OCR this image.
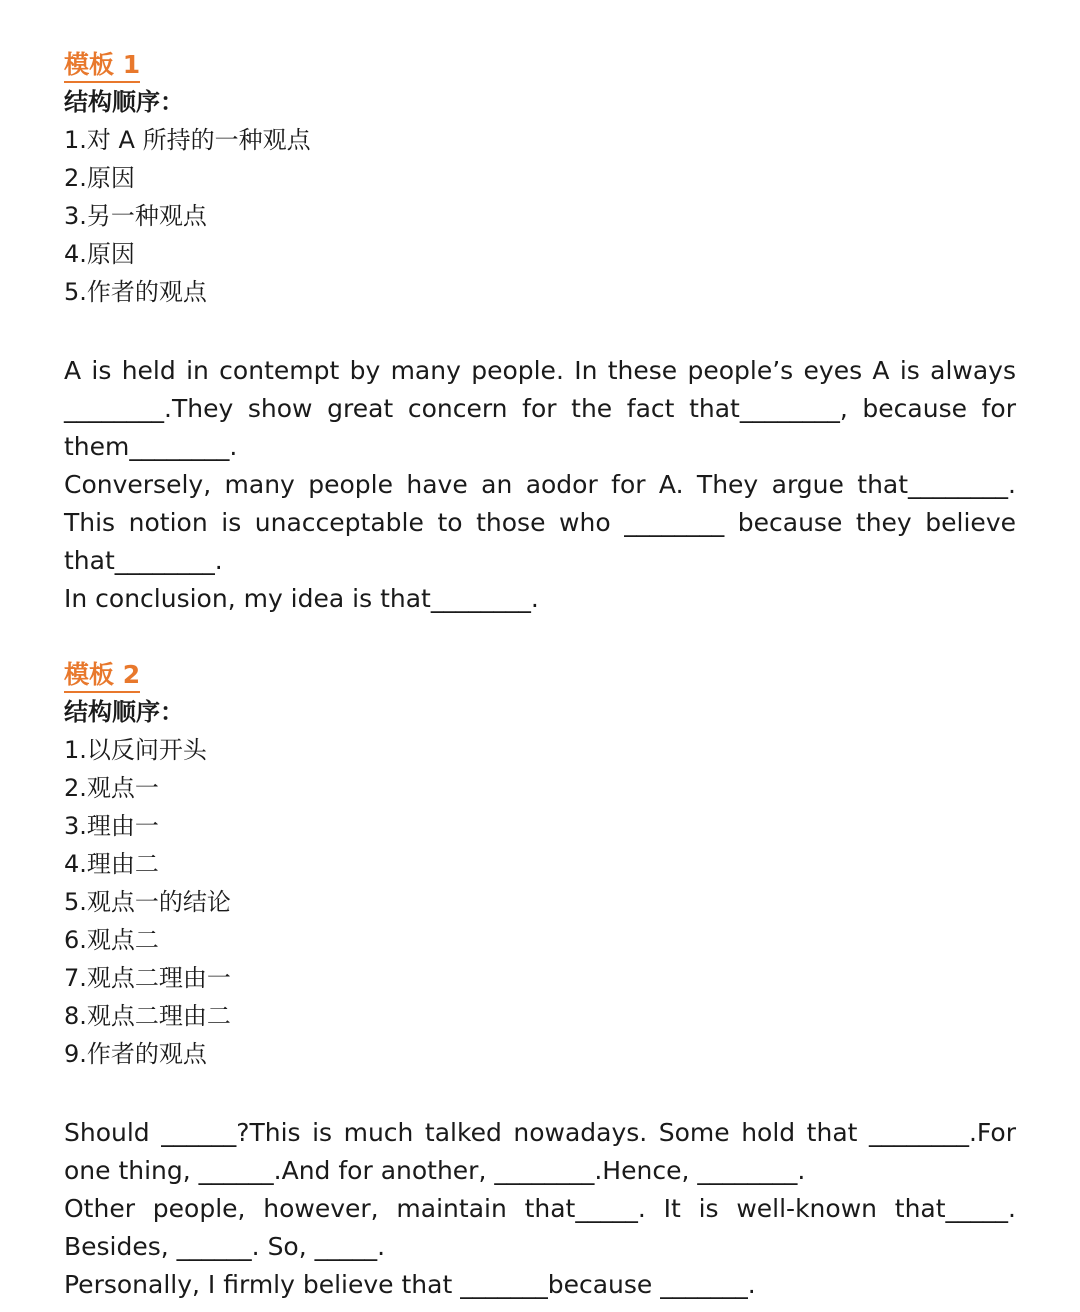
模板 1
结构顺序：
1.对 A 所持的一种观点
2.原因
3.另一种观点
4.原因
5.作者的观点

A is held in contempt by many people. In these people’s eyes A is always ________.They show great concern for the fact that________, because for them________.

Conversely, many people have an aodor for A. They argue that________. This notion is unacceptable to those who ________ because they believe that________.

In conclusion, my idea is that________.

模板 2
结构顺序：
1.以反问开头
2.观点一
3.理由一
4.理由二
5.观点一的结论
6.观点二
7.观点二理由一
8.观点二理由二
9.作者的观点

Should ______?This is much talked nowadays. Some hold that ________.For one thing, ______.And for another, ________.Hence, ________.

Other people, however, maintain that_____. It is well-known that_____. Besides, ______. So, _____.

Personally, I firmly believe that _______because _______.
